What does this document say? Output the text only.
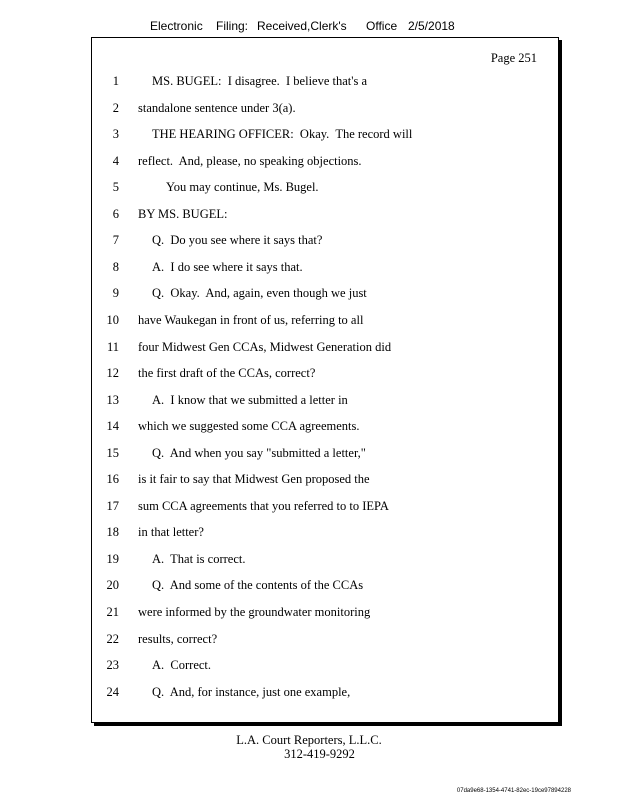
Electronic Filing: Received,Clerk's Office 2/5/2018
Page 251
1	MS. BUGEL:  I disagree.  I believe that's a
2 standalone sentence under 3(a).
3	THE HEARING OFFICER:  Okay.  The record will
4 reflect.  And, please, no speaking objections.
5	You may continue, Ms. Bugel.
6 BY MS. BUGEL:
7	Q.  Do you see where it says that?
8	A.  I do see where it says that.
9	Q.  Okay.  And, again, even though we just
10 have Waukegan in front of us, referring to all
11 four Midwest Gen CCAs, Midwest Generation did
12 the first draft of the CCAs, correct?
13	A.  I know that we submitted a letter in
14 which we suggested some CCA agreements.
15	Q.  And when you say "submitted a letter,"
16 is it fair to say that Midwest Gen proposed the
17 sum CCA agreements that you referred to to IEPA
18 in that letter?
19	A.  That is correct.
20	Q.  And some of the contents of the CCAs
21 were informed by the groundwater monitoring
22 results, correct?
23	A.  Correct.
24	Q.  And, for instance, just one example,
L.A. Court Reporters, L.L.C.
312-419-9292
07da9e68-1354-4741-82ec-19ce97894228
